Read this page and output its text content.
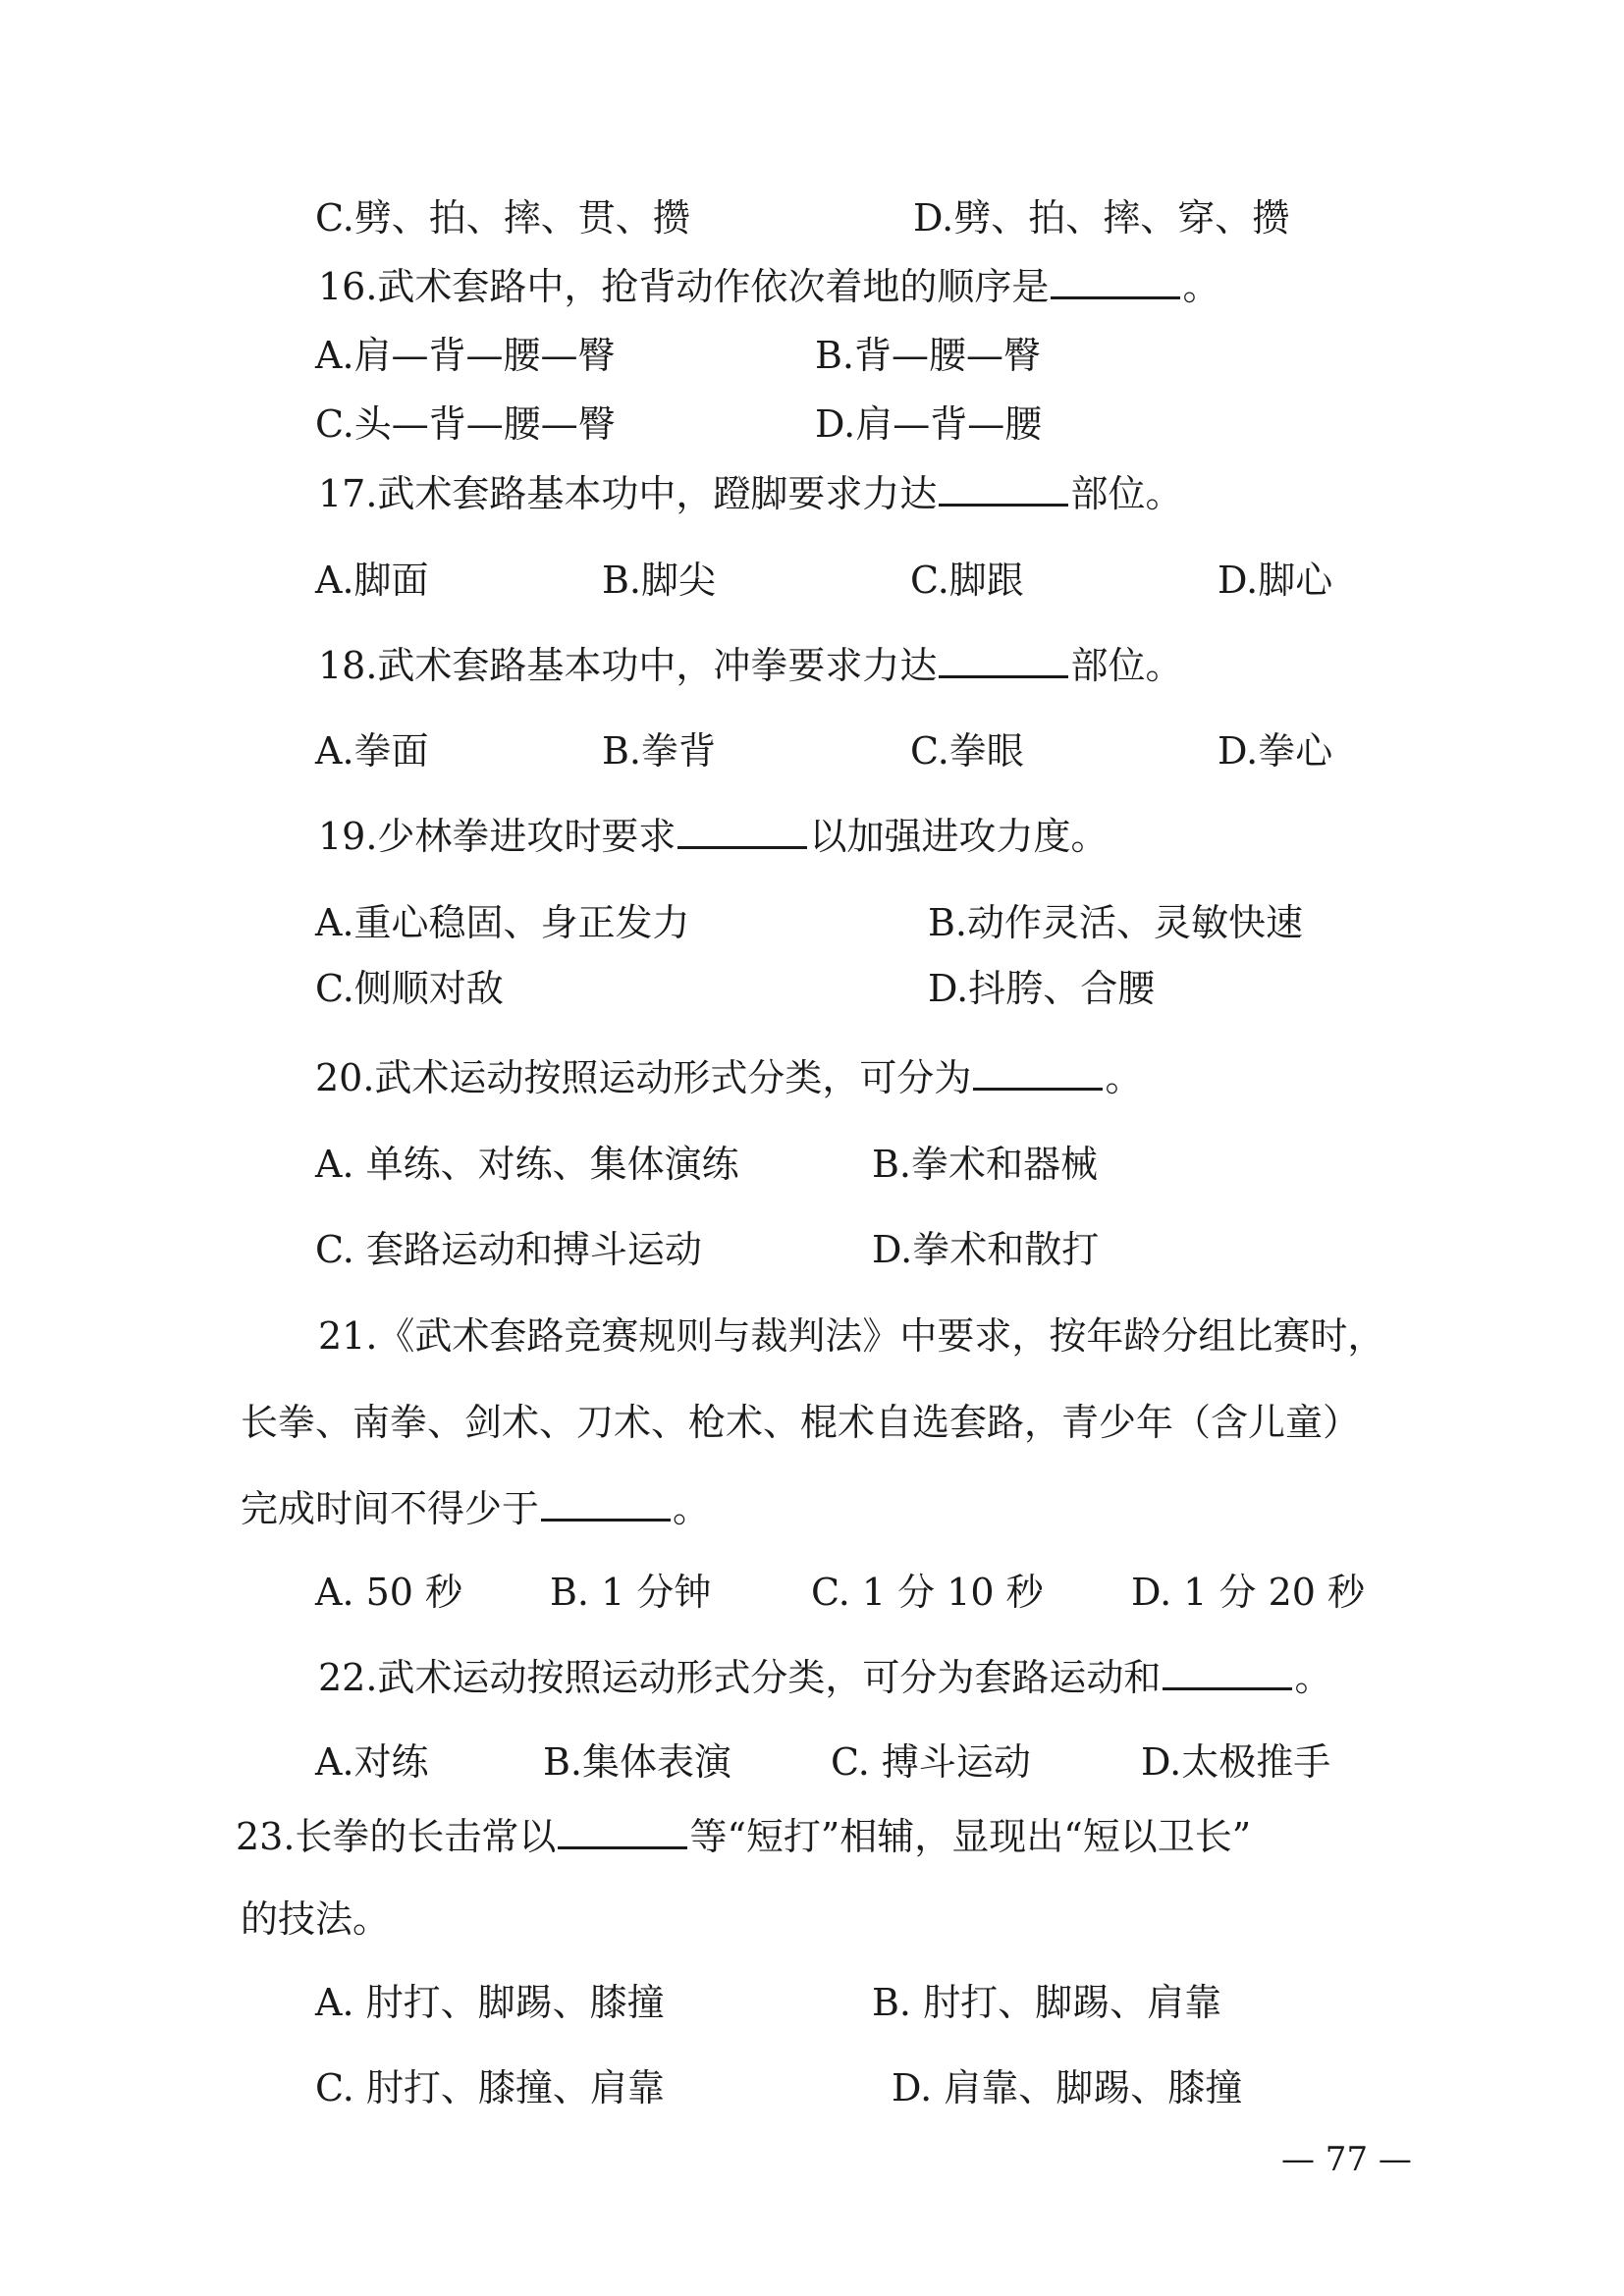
C.劈、拍、摔、贯、攒	D.劈、拍、摔、穿、攒
16.武术套路中，抢背动作依次着地的顺序是	。
A.肩—背—腰—臀	B.背—腰—臀
C.头—背—腰—臀	D.肩—背—腰
17.武术套路基本功中，蹬脚要求力达	部位。
A.脚面	B.脚尖	C.脚跟	D.脚心
18.武术套路基本功中，冲拳要求力达	部位。
A.拳面	B.拳背	C.拳眼	D.拳心
19.少林拳进攻时要求	以加强进攻力度。
A.重心稳固、身正发力	B.动作灵活、灵敏快速
C.侧顺对敌	D.抖胯、合腰
20.武术运动按照运动形式分类，可分为	。
A. 单练、对练、集体演练	B.拳术和器械
C. 套路运动和搏斗运动	D.拳术和散打
21.《武术套路竞赛规则与裁判法》中要求，按年龄分组比赛时，
长拳、南拳、剑术、刀术、枪术、棍术自选套路，青少年（含儿童）
完成时间不得少于	。
A. 50 秒 B. 1 分钟	C. 1 分 10 秒 D. 1 分 20 秒
22.武术运动按照运动形式分类，可分为套路运动和	。
A.对练	B.集体表演	C. 搏斗运动	D.太极推手
23.长拳的长击常以	等“短打”相辅，显现出“短以卫长”
的技法。
A. 肘打、脚踢、膝撞	B. 肘打、脚踢、肩靠
C. 肘打、膝撞、肩靠	D. 肩靠、脚踢、膝撞
— 77 —
